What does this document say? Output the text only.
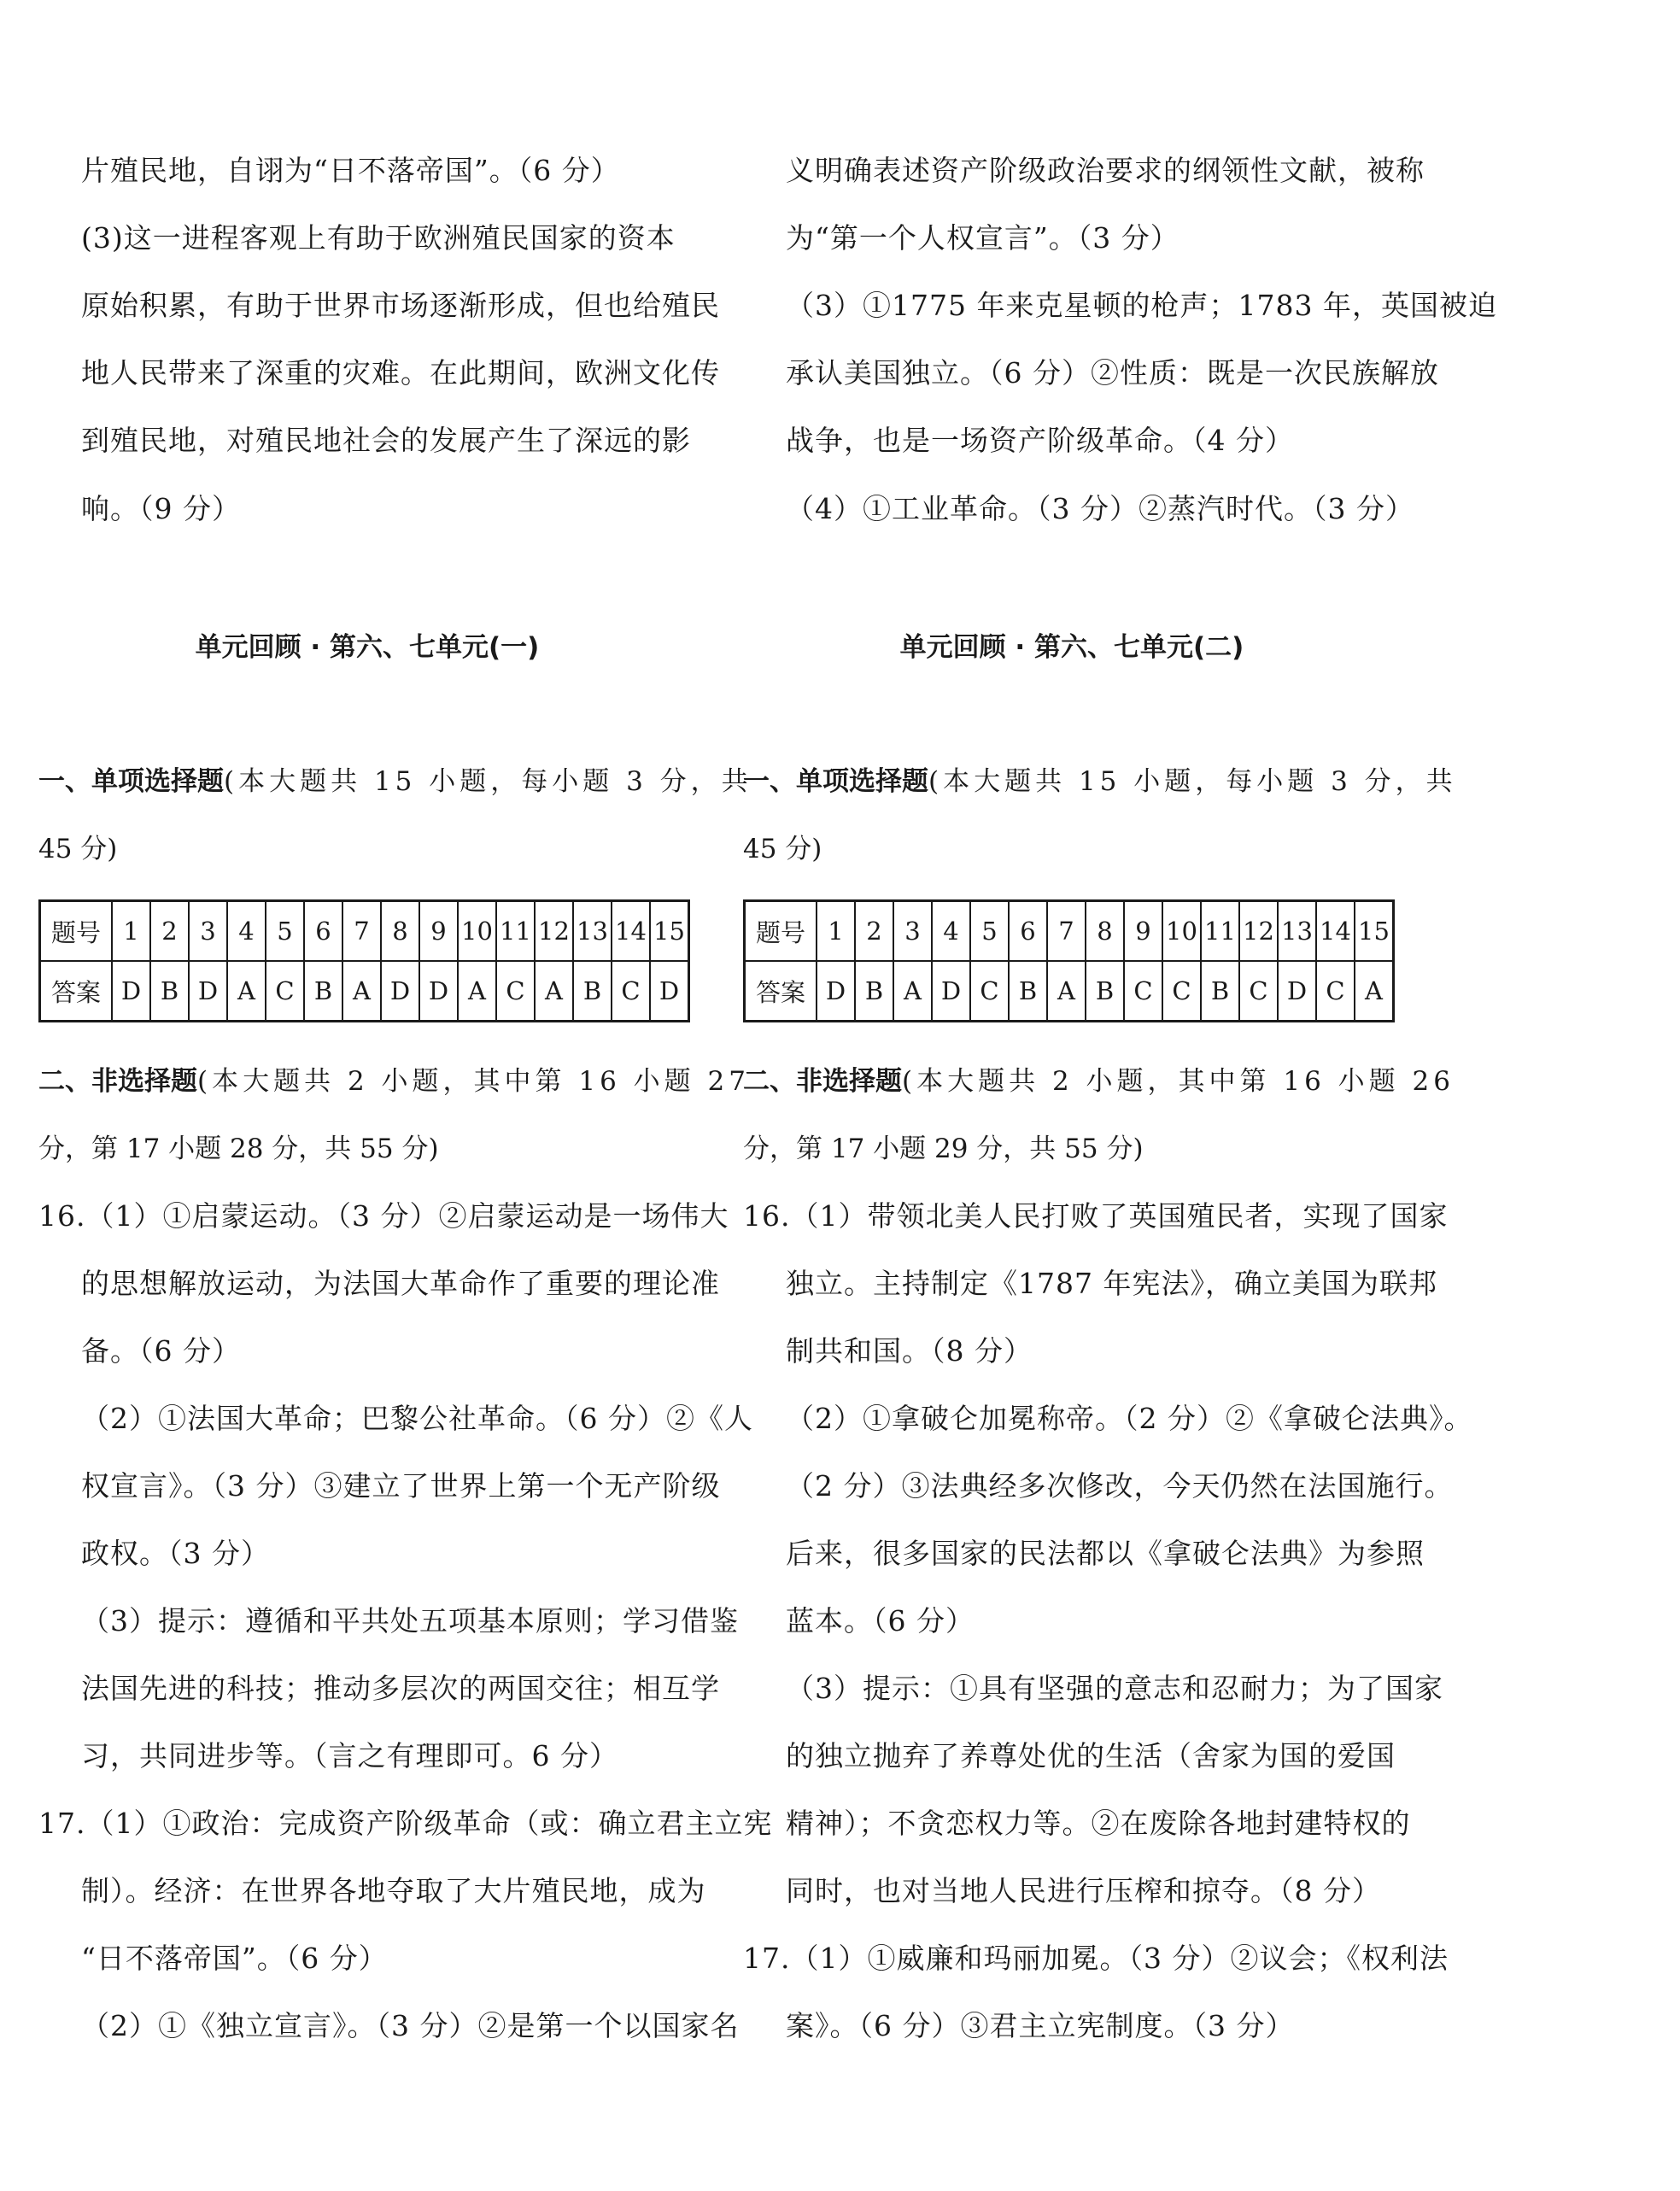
片殖民地，自诩为“日不落帝国”。（6 分）
(3)这一进程客观上有助于欧洲殖民国家的资本
原始积累，有助于世界市场逐渐形成，但也给殖民
地人民带来了深重的灾难。在此期间，欧洲文化传
到殖民地，对殖民地社会的发展产生了深远的影
响。（9 分）
单元回顾 · 第六、七单元(一)
一、单项选择题(本大题共 15 小题，每小题 3 分，共
45 分)
题号	1	2	3	4	5	6	7	8	9	10	11	12	13	14	15
答案	D	B	D	A	C	B	A	D	D	A	C	A	B	C	D
二、非选择题(本大题共 2 小题，其中第 16 小题 27
分，第 17 小题 28 分，共 55 分)
16.（1）①启蒙运动。（3 分）②启蒙运动是一场伟大
的思想解放运动，为法国大革命作了重要的理论准
备。（6 分）
（2）①法国大革命；巴黎公社革命。（6 分）②《人
权宣言》。（3 分）③建立了世界上第一个无产阶级
政权。（3 分）
（3）提示：遵循和平共处五项基本原则；学习借鉴
法国先进的科技；推动多层次的两国交往；相互学
习，共同进步等。（言之有理即可。6 分）
17.（1）①政治：完成资产阶级革命（或：确立君主立宪
制）。经济：在世界各地夺取了大片殖民地，成为
“日不落帝国”。（6 分）
（2）①《独立宣言》。（3 分）②是第一个以国家名
义明确表述资产阶级政治要求的纲领性文献，被称
为“第一个人权宣言”。（3 分）
（3）①1775 年来克星顿的枪声；1783 年，英国被迫
承认美国独立。（6 分）②性质：既是一次民族解放
战争，也是一场资产阶级革命。（4 分）
（4）①工业革命。（3 分）②蒸汽时代。（3 分）
单元回顾 · 第六、七单元(二)
一、单项选择题(本大题共 15 小题，每小题 3 分，共
45 分)
题号	1	2	3	4	5	6	7	8	9	10	11	12	13	14	15
答案	D	B	A	D	C	B	A	B	C	C	B	C	D	C	A
二、非选择题(本大题共 2 小题，其中第 16 小题 26
分，第 17 小题 29 分，共 55 分)
16.（1）带领北美人民打败了英国殖民者，实现了国家
独立。主持制定《1787 年宪法》，确立美国为联邦
制共和国。（8 分）
（2）①拿破仑加冕称帝。（2 分）②《拿破仑法典》。
（2 分）③法典经多次修改，今天仍然在法国施行。
后来，很多国家的民法都以《拿破仑法典》为参照
蓝本。（6 分）
（3）提示：①具有坚强的意志和忍耐力；为了国家
的独立抛弃了养尊处优的生活（舍家为国的爱国
精神）；不贪恋权力等。②在废除各地封建特权的
同时，也对当地人民进行压榨和掠夺。（8 分）
17.（1）①威廉和玛丽加冕。（3 分）②议会；《权利法
案》。（6 分）③君主立宪制度。（3 分）
